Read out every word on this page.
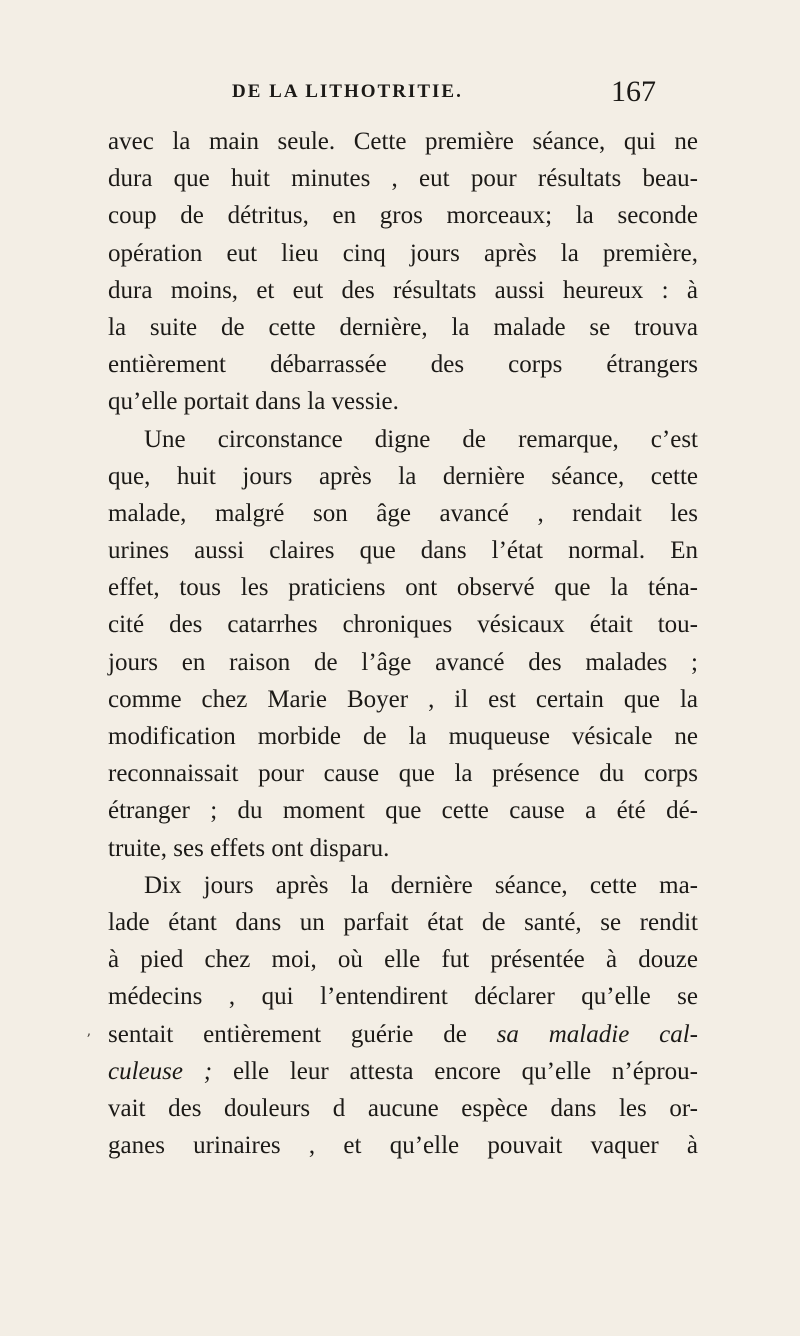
DE LA LITHOTRITIE.	167
avec la main seule. Cette première séance, qui ne
dura que huit minutes , eut pour résultats beau-
coup de détritus, en gros morceaux; la seconde
opération eut lieu cinq jours après la première,
dura moins, et eut des résultats aussi heureux : à
la suite de cette dernière, la malade se trouva
entièrement débarrassée des corps étrangers
qu’elle portait dans la vessie.
Une circonstance digne de remarque, c’est
que, huit jours après la dernière séance, cette
malade, malgré son âge avancé , rendait les
urines aussi claires que dans l’état normal. En
effet, tous les praticiens ont observé que la téna-
cité des catarrhes chroniques vésicaux était tou-
jours en raison de l’âge avancé des malades ;
comme chez Marie Boyer , il est certain que la
modification morbide de la muqueuse vésicale ne
reconnaissait pour cause que la présence du corps
étranger ; du moment que cette cause a été dé-
truite, ses effets ont disparu.
Dix jours après la dernière séance, cette ma-
lade étant dans un parfait état de santé, se rendit
à pied chez moi, où elle fut présentée à douze
médecins , qui l’entendirent déclarer qu’elle se
sentait entièrement guérie de sa maladie cal-
culeuse ; elle leur attesta encore qu’elle n’éprou-
vait des douleurs d aucune espèce dans les or-
ganes urinaires , et qu’elle pouvait vaquer à
ʼ
